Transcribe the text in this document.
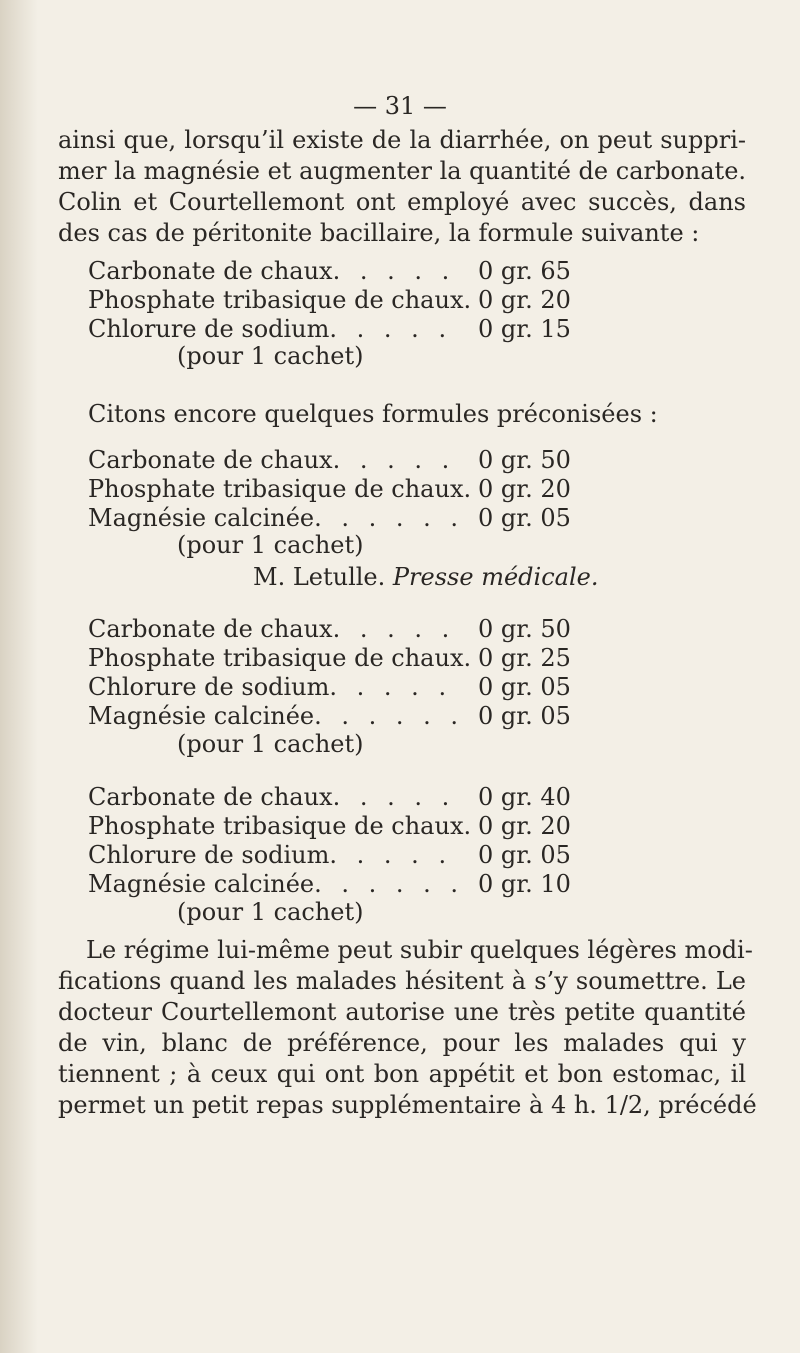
— 31 —
ainsi que, lorsqu’il existe de la diarrhée, on peut suppri-
mer la magnésie et augmenter la quantité de carbonate.
Colin et Courtellemont ont employé avec succès, dans
des cas de péritonite bacillaire, la formule suivante :
Carbonate de chaux. . . . . 0 gr. 65
Phosphate tribasique de chaux. 0 gr. 20
Chlorure de sodium. . . . . 0 gr. 15
(pour 1 cachet)
Citons encore quelques formules préconisées :
Carbonate de chaux. . . . . 0 gr. 50
Phosphate tribasique de chaux. 0 gr. 20
Magnésie calcinée. . . . . . 0 gr. 05
(pour 1 cachet)
M. Letulle. Presse médicale.
Carbonate de chaux. . . . . 0 gr. 50
Phosphate tribasique de chaux. 0 gr. 25
Chlorure de sodium. . . . . 0 gr. 05
Magnésie calcinée. . . . . . 0 gr. 05
(pour 1 cachet)
Carbonate de chaux. . . . . 0 gr. 40
Phosphate tribasique de chaux. 0 gr. 20
Chlorure de sodium. . . . . 0 gr. 05
Magnésie calcinée. . . . . . 0 gr. 10
(pour 1 cachet)
Le régime lui-même peut subir quelques légères modi-
fications quand les malades hésitent à s’y soumettre. Le
docteur Courtellemont autorise une très petite quantité
de vin, blanc de préférence, pour les malades qui y
tiennent ; à ceux qui ont bon appétit et bon estomac, il
permet un petit repas supplémentaire à 4 h. 1/2, précédé
